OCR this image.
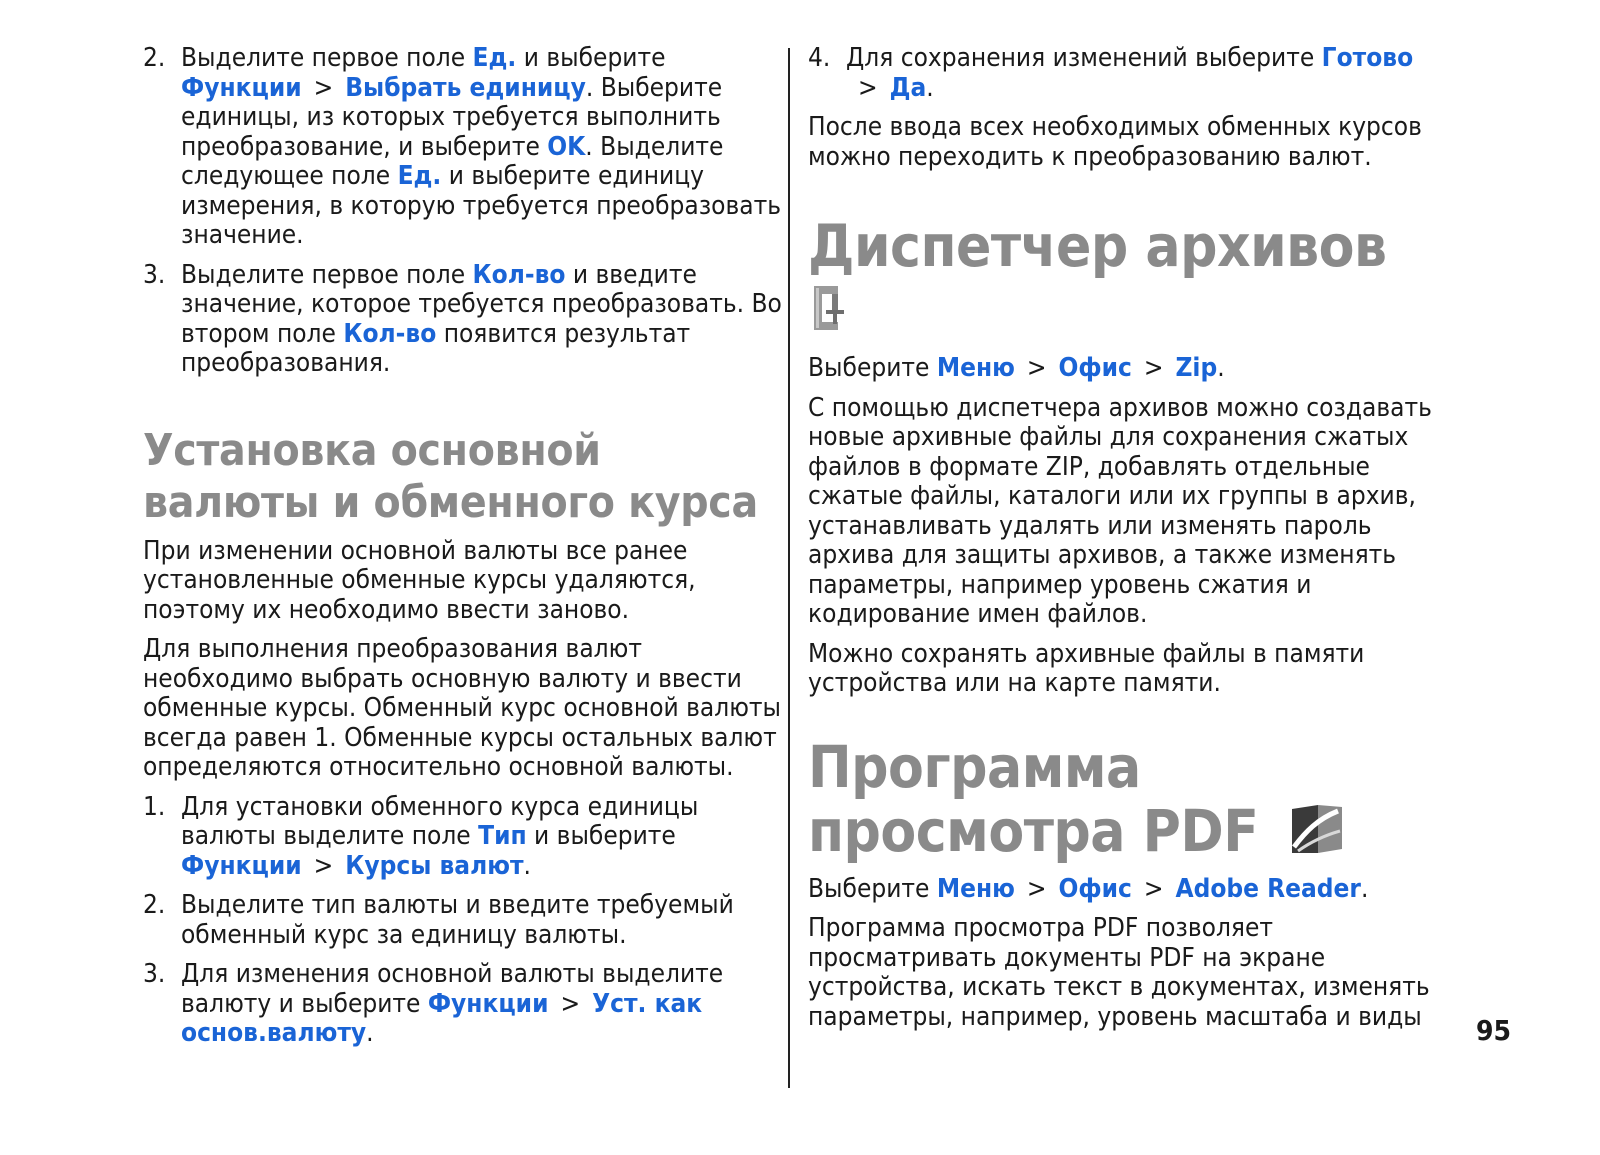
2. Выделите первое поле Ед. и выберите Функции > Выбрать единицу. Выберите единицы, из которых требуется выполнить преобразование, и выберите OK. Выделите следующее поле Ед. и выберите единицу измерения, в которую требуется преобразовать значение.
3. Выделите первое поле Кол-во и введите значение, которое требуется преобразовать. Во втором поле Кол-во появится результат преобразования.
Установка основной валюты и обменного курса

При изменении основной валюты все ранее установленные обменные курсы удаляются, поэтому их необходимо ввести заново.

Для выполнения преобразования валют необходимо выбрать основную валюту и ввести обменные курсы. Обменный курс основной валюты всегда равен 1. Обменные курсы остальных валют определяются относительно основной валюты.

1. Для установки обменного курса единицы валюты выделите поле Тип и выберите Функции > Курсы валют.
2. Выделите тип валюты и введите требуемый обменный курс за единицу валюты.
3. Для изменения основной валюты выделите валюту и выберите Функции > Уст. как основ.валюту.
4. Для сохранения изменений выберите Готово> Да.

После ввода всех необходимых обменных курсов можно переходить к преобразованию валют.

Диспетчер архивов

Выберите Меню > Офис > Zip.

С помощью диспетчера архивов можно создавать новые архивные файлы для сохранения сжатых файлов в формате ZIP, добавлять отдельные сжатые файлы, каталоги или их группы в архив, устанавливать удалять или изменять пароль архива для защиты архивов, а также изменять параметры, например уровень сжатия и кодирование имен файлов.

Можно сохранять архивные файлы в памяти устройства или на карте памяти.

Программа
просмотра PDF

Выберите Меню > Офис > Adobe Reader.

Программа просмотра PDF позволяет просматривать документы PDF на экране устройства, искать текст в документах, изменять параметры, например, уровень масштаба и виды	95
